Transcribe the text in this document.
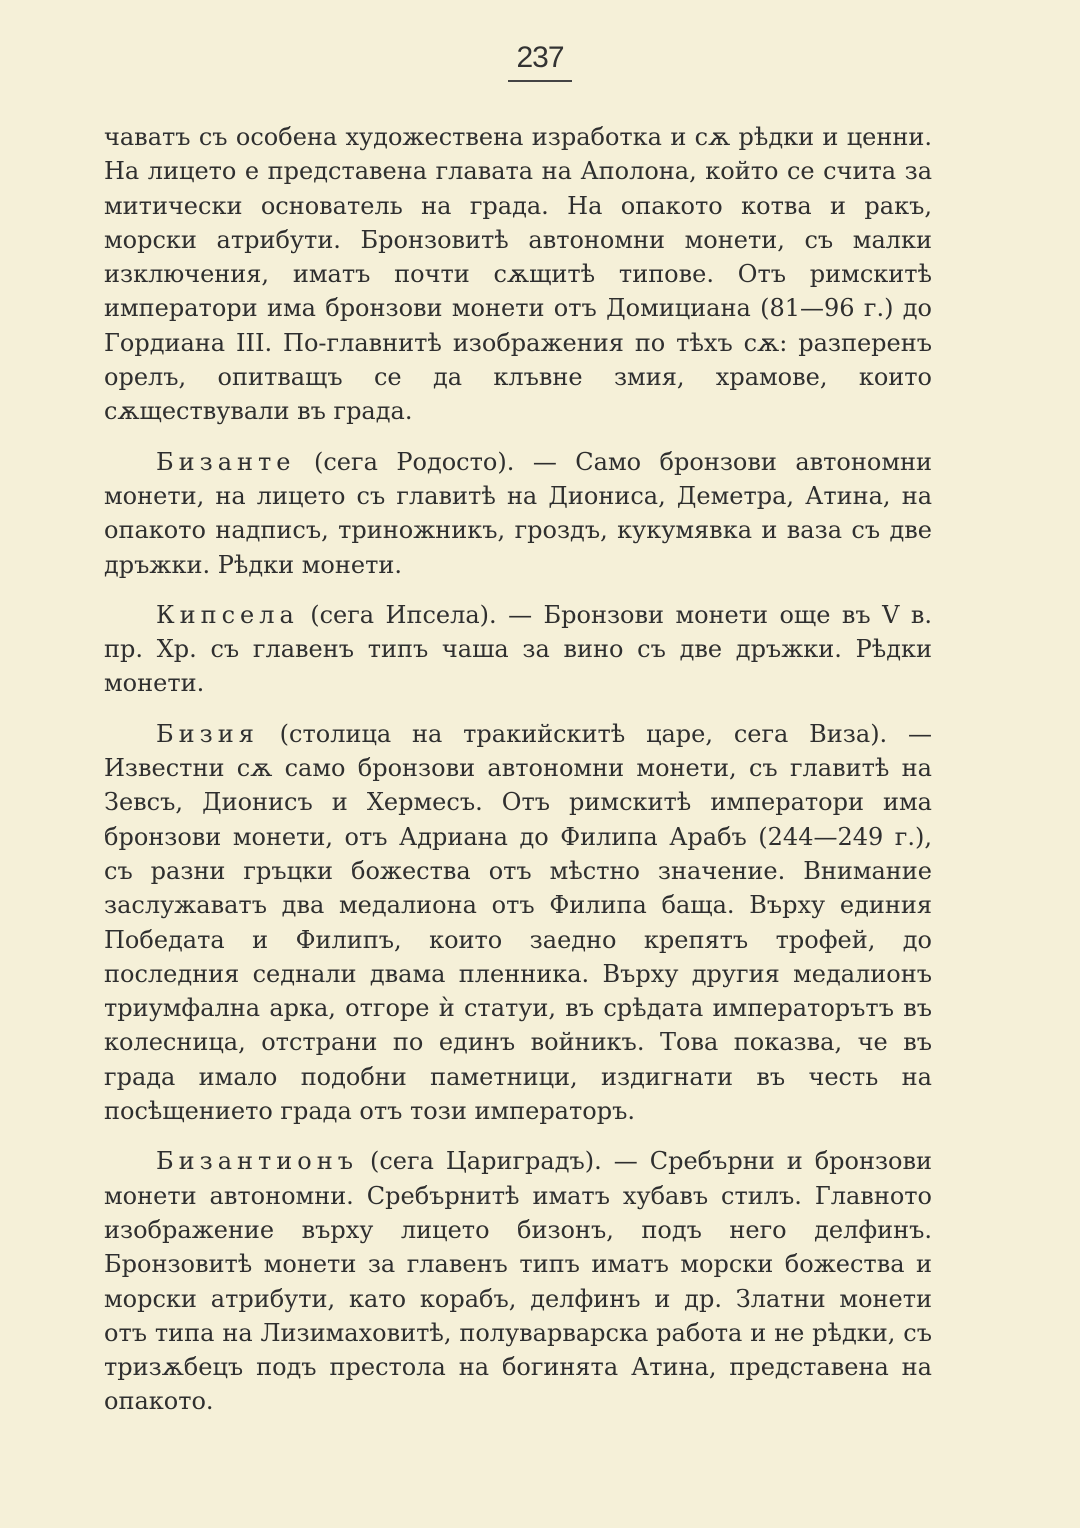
237

чаватъ съ особена художествена изработка и сѫ рѣдки и ценни. На лицето е представена главата на Аполона, който се счита за митически основатель на града. На опакото котва и ракъ, морски атрибути. Бронзовитѣ автономни монети, съ малки изключения, иматъ почти сѫщитѣ типове. Отъ римскитѣ императори има бронзови монети отъ Домициана (81—96 г.) до Гордиана III. По-главнитѣ изображения по тѣхъ сѫ: разперенъ орелъ, опитващъ се да клъвне змия, храмове, които сѫществували въ града.

Бизанте (сега Родосто). — Само бронзови автономни монети, на лицето съ главитѣ на Диониса, Деметра, Атина, на опакото надписъ, триножникъ, гроздъ, кукумявка и ваза съ две дръжки. Рѣдки монети.

Кипсела (сега Ипсела). — Бронзови монети още въ V в. пр. Хр. съ главенъ типъ чаша за вино съ две дръжки. Рѣдки монети.

Бизия (столица на тракийскитѣ царе, сега Виза). — Известни сѫ само бронзови автономни монети, съ главитѣ на Зевсъ, Дионисъ и Хермесъ. Отъ римскитѣ императори има бронзови монети, отъ Адриана до Филипа Арабъ (244—249 г.), съ разни гръцки божества отъ мѣстно значение. Внимание заслужаватъ два медалиона отъ Филипа баща. Върху единия Победата и Филипъ, които заедно крепятъ трофей, до последния седнали двама пленника. Върху другия медалионъ триумфална арка, отгоре ѝ статуи, въ срѣдата императорътъ въ колесница, отстрани по единъ войникъ. Това показва, че въ града имало подобни паметници, издигнати въ честь на посѣщението града отъ този императоръ.

Бизантионъ (сега Цариградъ). — Сребърни и бронзови монети автономни. Сребърнитѣ иматъ хубавъ стилъ. Главното изображение върху лицето бизонъ, подъ него делфинъ. Бронзовитѣ монети за главенъ типъ иматъ морски божества и морски атрибути, като корабъ, делфинъ и др. Златни монети отъ типа на Лизимаховитѣ, полуварварска работа и не рѣдки, съ тризѫбецъ подъ престола на богинята Атина, представена на опакото.
